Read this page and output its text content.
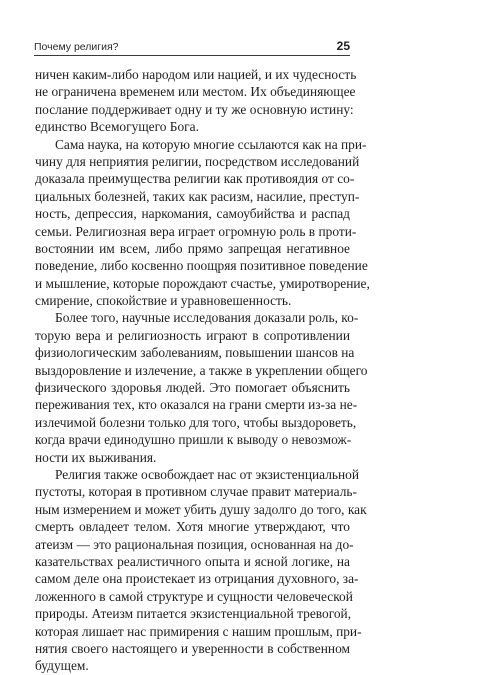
Почему религия?	25

ничен каким-либо народом или нацией, и их чудесность
не ограничена временем или местом. Их объединяющее
послание поддерживает одну и ту же основную истину:
единство Всемогущего Бога.

Сама наука, на которую многие ссылаются как на при-
чину для неприятия религии, посредством исследований
доказала преимущества религии как противоядия от со-
циальных болезней, таких как расизм, насилие, преступ-
ность, депрессия, наркомания, самоубийства и распад
семьи. Религиозная вера играет огромную роль в проти-
востоянии им всем, либо прямо запрещая негативное
поведение, либо косвенно поощряя позитивное поведение
и мышление, которые порождают счастье, умиротворение,
смирение, спокойствие и уравновешенность.

Более того, научные исследования доказали роль, ко-
торую вера и религиозность играют в сопротивлении
физиологическим заболеваниям, повышении шансов на
выздоровление и излечение, а также в укреплении общего
физического здоровья людей. Это помогает объяснить
переживания тех, кто оказался на грани смерти из-за не-
излечимой болезни только для того, чтобы выздороветь,
когда врачи единодушно пришли к выводу о невозмож-
ности их выживания.

Религия также освобождает нас от экзистенциальной
пустоты, которая в противном случае правит материаль-
ным измерением и может убить душу задолго до того, как
смерть овладеет телом. Хотя многие утверждают, что
атеизм — это рациональная позиция, основанная на до-
казательствах реалистичного опыта и ясной логике, на
самом деле она проистекает из отрицания духовного, за-
ложенного в самой структуре и сущности человеческой
природы. Атеизм питается экзистенциальной тревогой,
которая лишает нас примирения с нашим прошлым, при-
нятия своего настоящего и уверенности в собственном
будущем.
